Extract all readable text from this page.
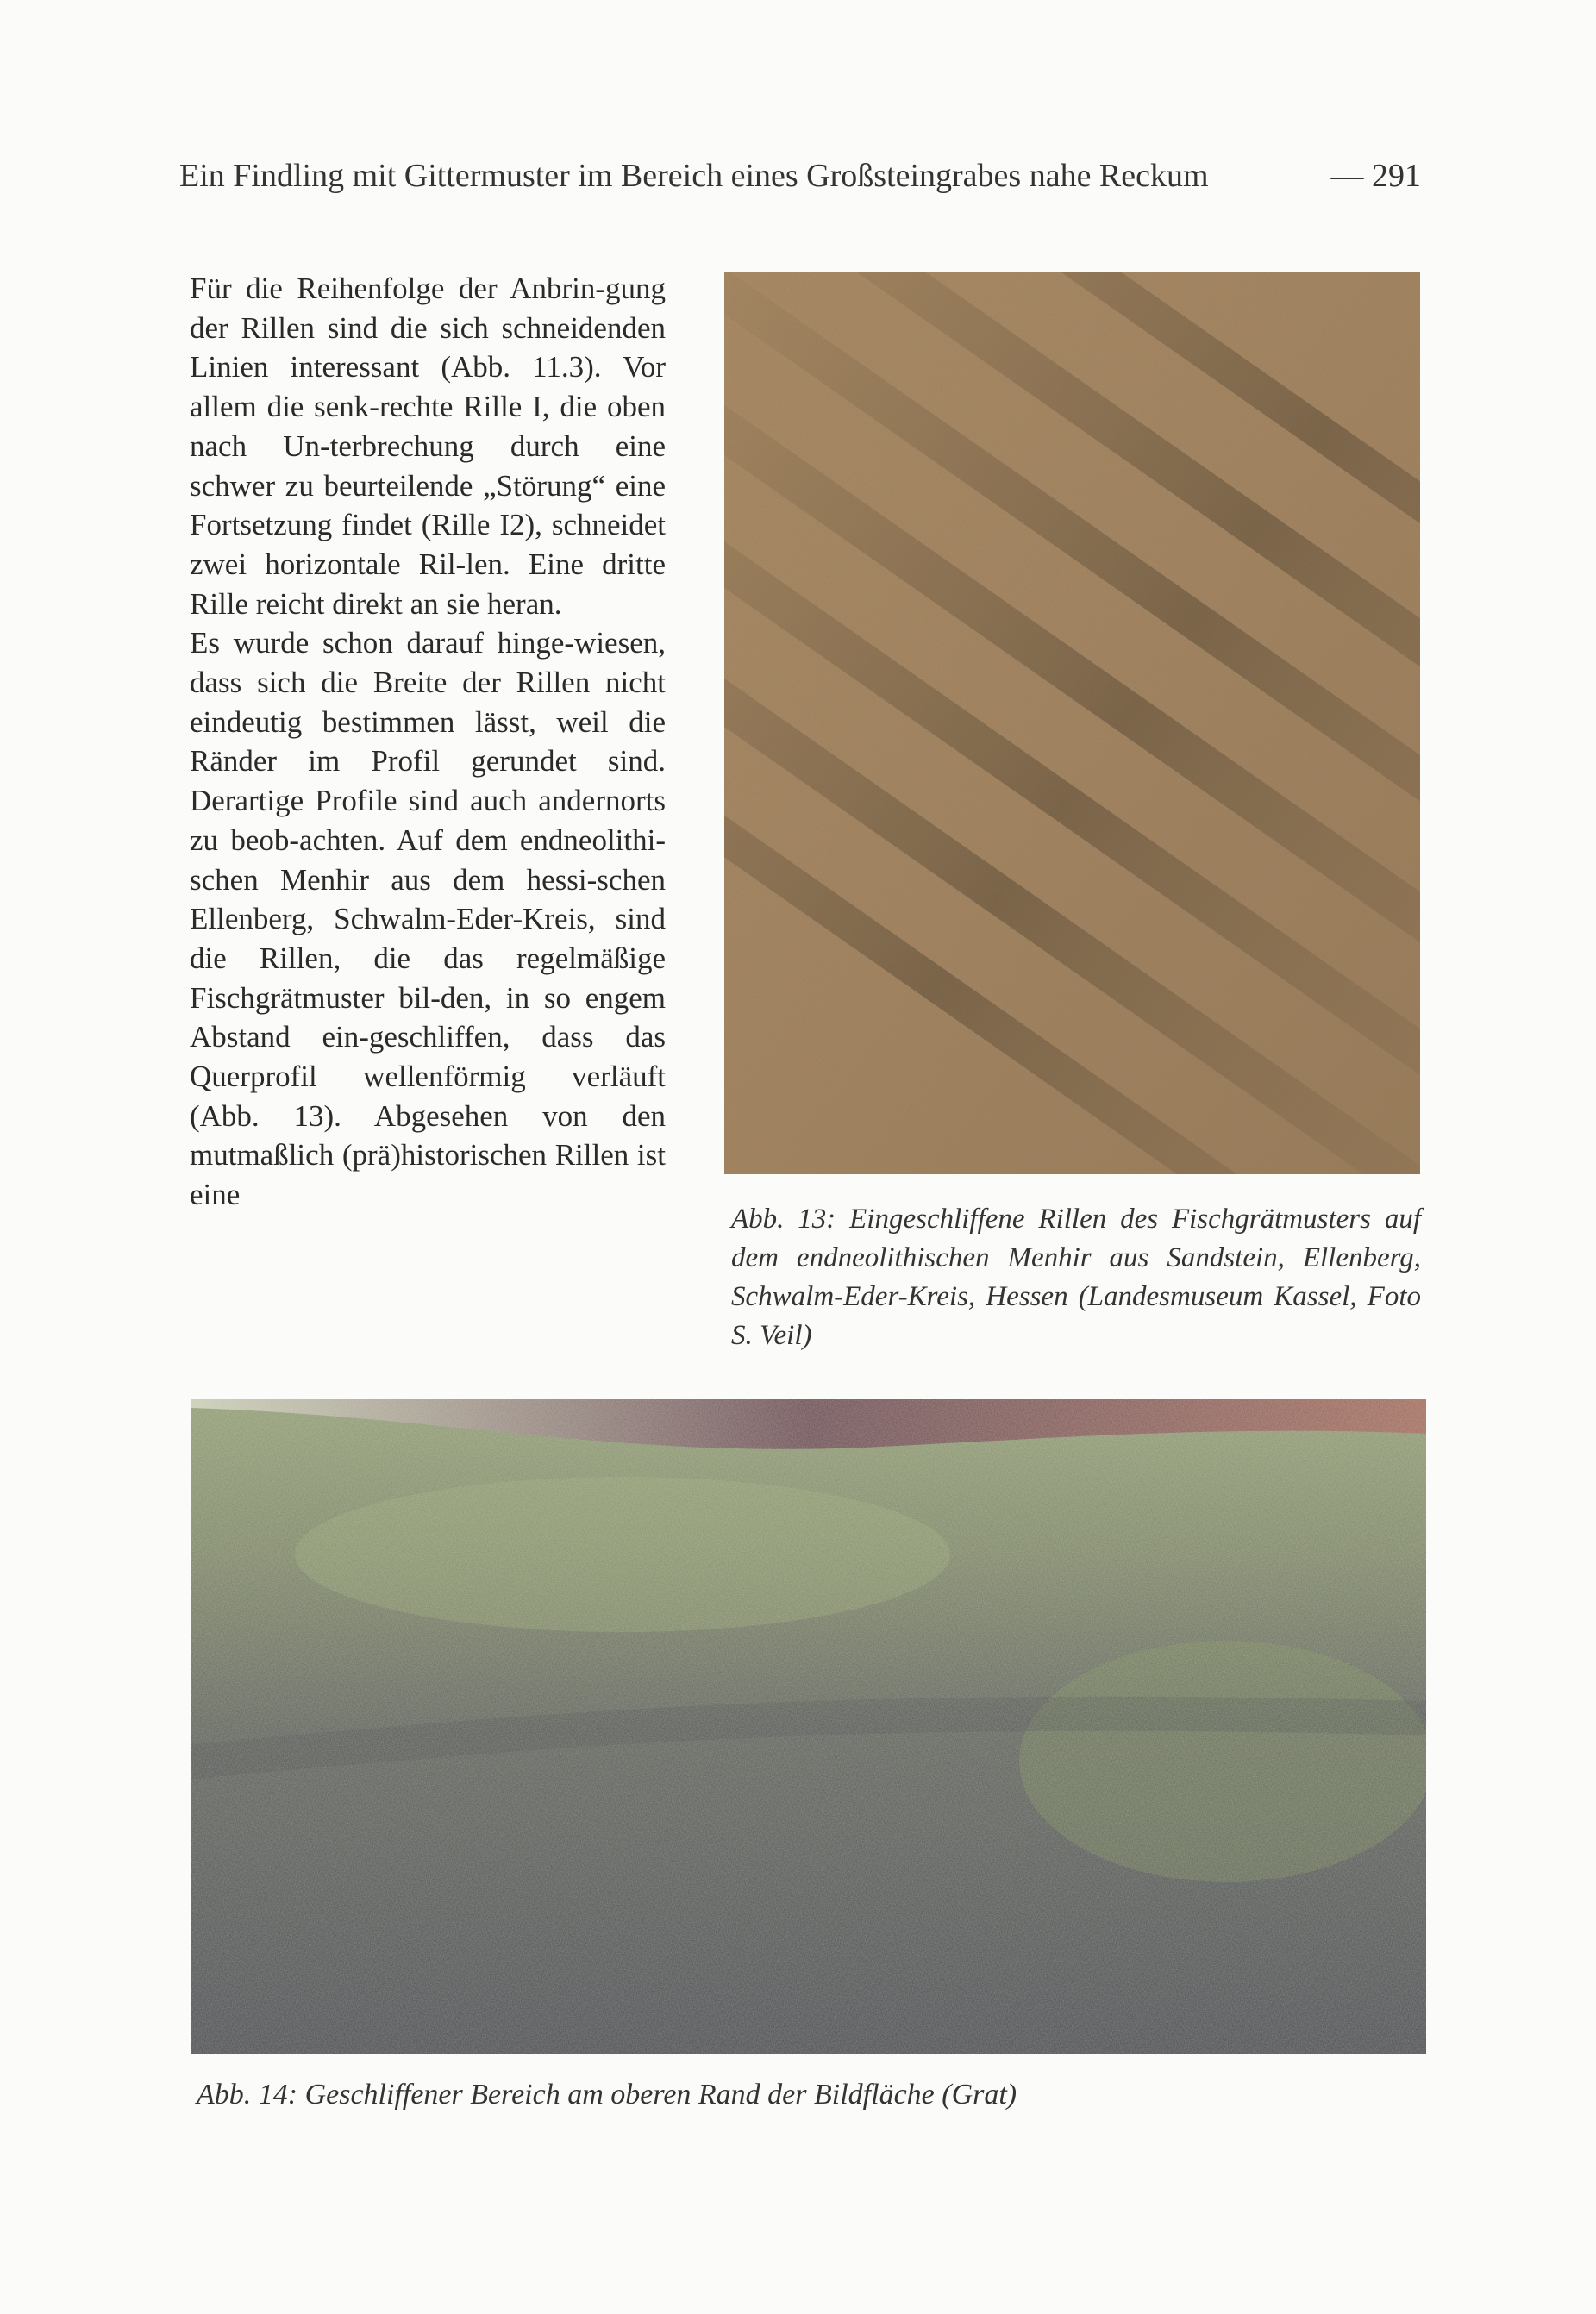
Ein Findling mit Gittermuster im Bereich eines Großsteingrabes nahe Reckum	— 291

Für die Reihenfolge der Anbrin-gung der Rillen sind die sich schneidenden Linien interessant (Abb. 11.3). Vor allem die senk-rechte Rille I, die oben nach Un-terbrechung durch eine schwer zu beurteilende „Störung“ eine Fortsetzung findet (Rille I2), schneidet zwei horizontale Ril-len. Eine dritte Rille reicht direkt an sie heran.

Es wurde schon darauf hinge-wiesen, dass sich die Breite der Rillen nicht eindeutig bestimmen lässt, weil die Ränder im Profil gerundet sind. Derartige Profile sind auch andernorts zu beob-achten. Auf dem endneolithi-schen Menhir aus dem hessi-schen Ellenberg, Schwalm-Eder-Kreis, sind die Rillen, die das regelmäßige Fischgrätmuster bil-den, in so engem Abstand ein-geschliffen, dass das Querprofil wellenförmig verläuft (Abb. 13). Abgesehen von den mutmaßlich (prä)historischen Rillen ist eine

Abb. 13: Eingeschliffene Rillen des Fischgrätmusters auf dem endneolithischen Menhir aus Sandstein, Ellenberg, Schwalm-Eder-Kreis, Hessen (Landesmuseum Kassel, Foto S. Veil)
Abb. 14: Geschliffener Bereich am oberen Rand der Bildfläche (Grat)
